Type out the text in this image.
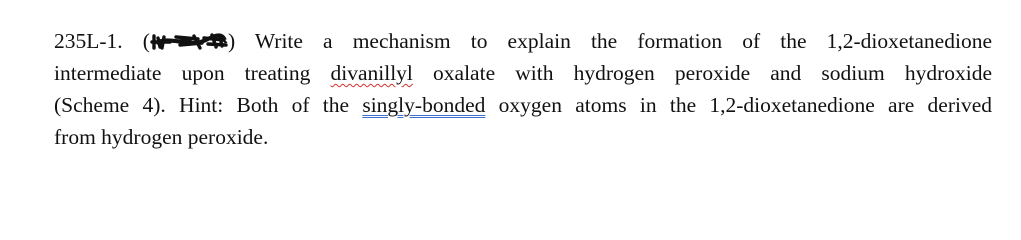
235L-1. (	) Write a mechanism to explain the formation of the 1,2-dioxetanedione
intermediate upon treating divanillyl oxalate with hydrogen peroxide and sodium hydroxide
(Scheme 4). Hint: Both of the singly-bonded oxygen atoms in the 1,2-dioxetanedione are derived
from hydrogen peroxide.
